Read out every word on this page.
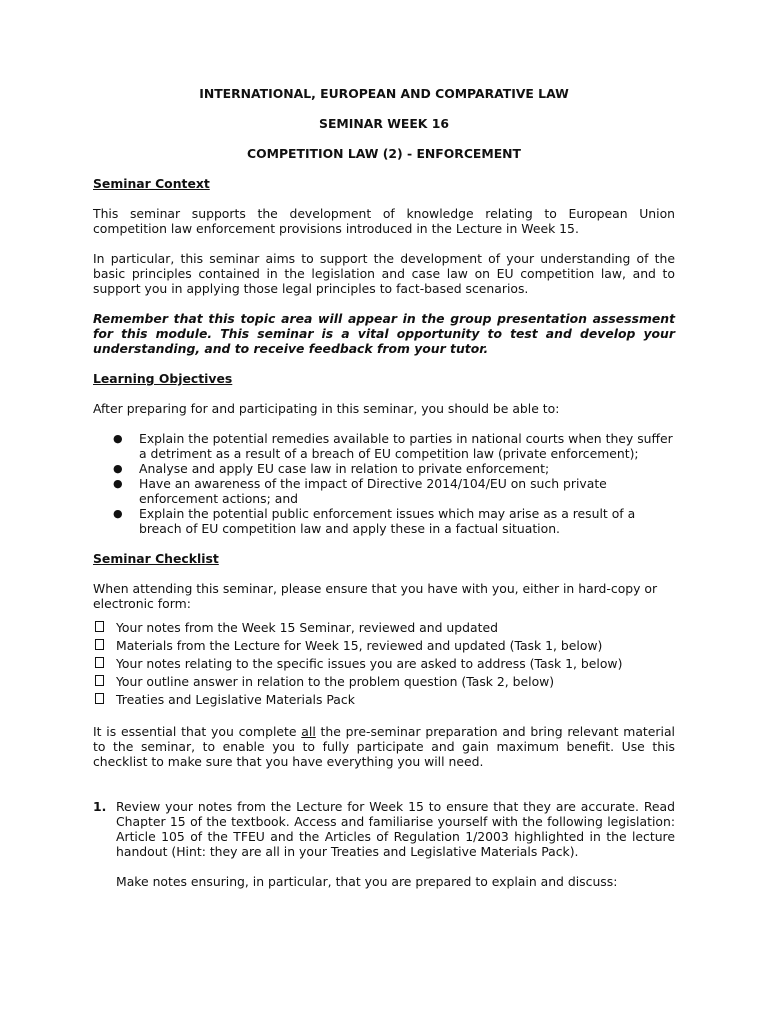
INTERNATIONAL, EUROPEAN AND COMPARATIVE LAW

SEMINAR WEEK 16

COMPETITION LAW (2) - ENFORCEMENT

Seminar Context

This seminar supports the development of knowledge relating to European Union competition law enforcement provisions introduced in the Lecture in Week 15.

In particular, this seminar aims to support the development of your understanding of the basic principles contained in the legislation and case law on EU competition law, and to support you in applying those legal principles to fact-based scenarios.

Remember that this topic area will appear in the group presentation assessment for this module. This seminar is a vital opportunity to test and develop your understanding, and to receive feedback from your tutor.

Learning Objectives

After preparing for and participating in this seminar, you should be able to:

● Explain the potential remedies available to parties in national courts when they suffer a detriment as a result of a breach of EU competition law (private enforcement);
● Analyse and apply EU case law in relation to private enforcement;
● Have an awareness of the impact of Directive 2014/104/EU on such private enforcement actions; and
● Explain the potential public enforcement issues which may arise as a result of a breach of EU competition law and apply these in a factual situation.

Seminar Checklist

When attending this seminar, please ensure that you have with you, either in hard-copy or electronic form:

Your notes from the Week 15 Seminar, reviewed and updated
Materials from the Lecture for Week 15, reviewed and updated (Task 1, below)
Your notes relating to the specific issues you are asked to address (Task 1, below)
Your outline answer in relation to the problem question (Task 2, below)
Treaties and Legislative Materials Pack

It is essential that you complete all the pre-seminar preparation and bring relevant material to the seminar, to enable you to fully participate and gain maximum benefit. Use this checklist to make sure that you have everything you will need.

1. Review your notes from the Lecture for Week 15 to ensure that they are accurate. Read Chapter 15 of the textbook. Access and familiarise yourself with the following legislation: Article 105 of the TFEU and the Articles of Regulation 1/2003 highlighted in the lecture handout (Hint: they are all in your Treaties and Legislative Materials Pack).

Make notes ensuring, in particular, that you are prepared to explain and discuss:
